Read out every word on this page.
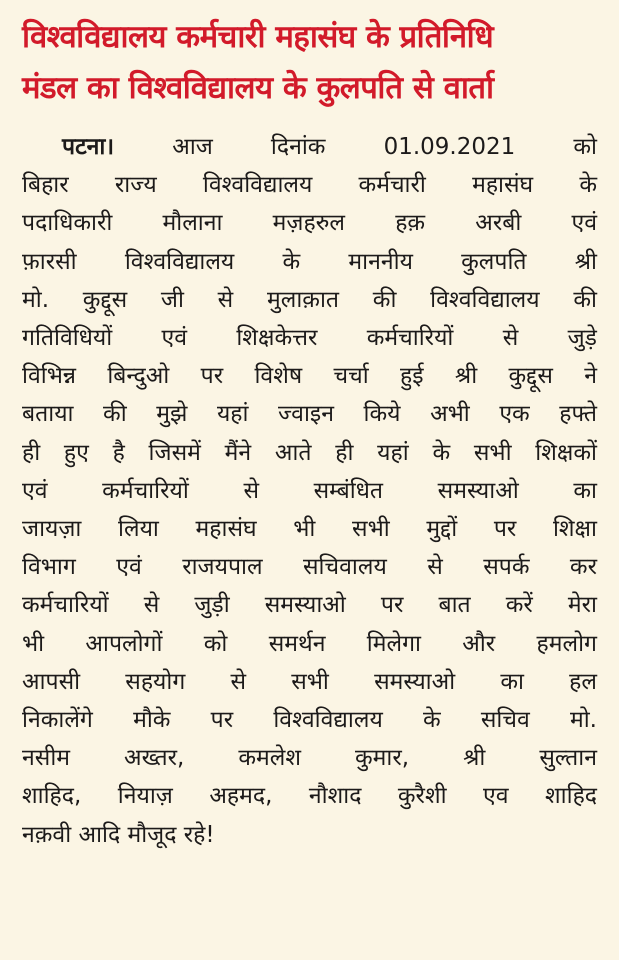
विश्वविद्यालय कर्मचारी महासंघ के प्रतिनिधि
मंडल का विश्वविद्यालय के कुलपति से वार्ता
पटना। आज दिनांक 01.09.2021 को
बिहार राज्य विश्वविद्यालय कर्मचारी महासंघ के
पदाधिकारी मौलाना मज़हरुल हक़ अरबी एवं
फ़ारसी विश्वविद्यालय के माननीय कुलपति श्री
मो. कुद्दूस जी से मुलाक़ात की विश्वविद्यालय की
गतिविधियों एवं शिक्षकेत्तर कर्मचारियों से जुड़े
विभिन्न बिन्दुओ पर विशेष चर्चा हुई श्री कुद्दूस ने
बताया की मुझे यहां ज्वाइन किये अभी एक हफ्ते
ही हुए है जिसमें मैंने आते ही यहां के सभी शिक्षकों
एवं कर्मचारियों से सम्बंधित समस्याओ का
जायज़ा लिया महासंघ भी सभी मुद्दों पर शिक्षा
विभाग एवं राजयपाल सचिवालय से सपर्क कर
कर्मचारियों से जुड़ी समस्याओ पर बात करें मेरा
भी आपलोगों को समर्थन मिलेगा और हमलोग
आपसी सहयोग से सभी समस्याओ का हल
निकालेंगे मौके पर विश्वविद्यालय के सचिव मो.
नसीम अख्तर, कमलेश कुमार, श्री सुल्तान
शाहिद, नियाज़ अहमद, नौशाद कुरैशी एव शाहिद
नक़वी आदि मौजूद रहे!
